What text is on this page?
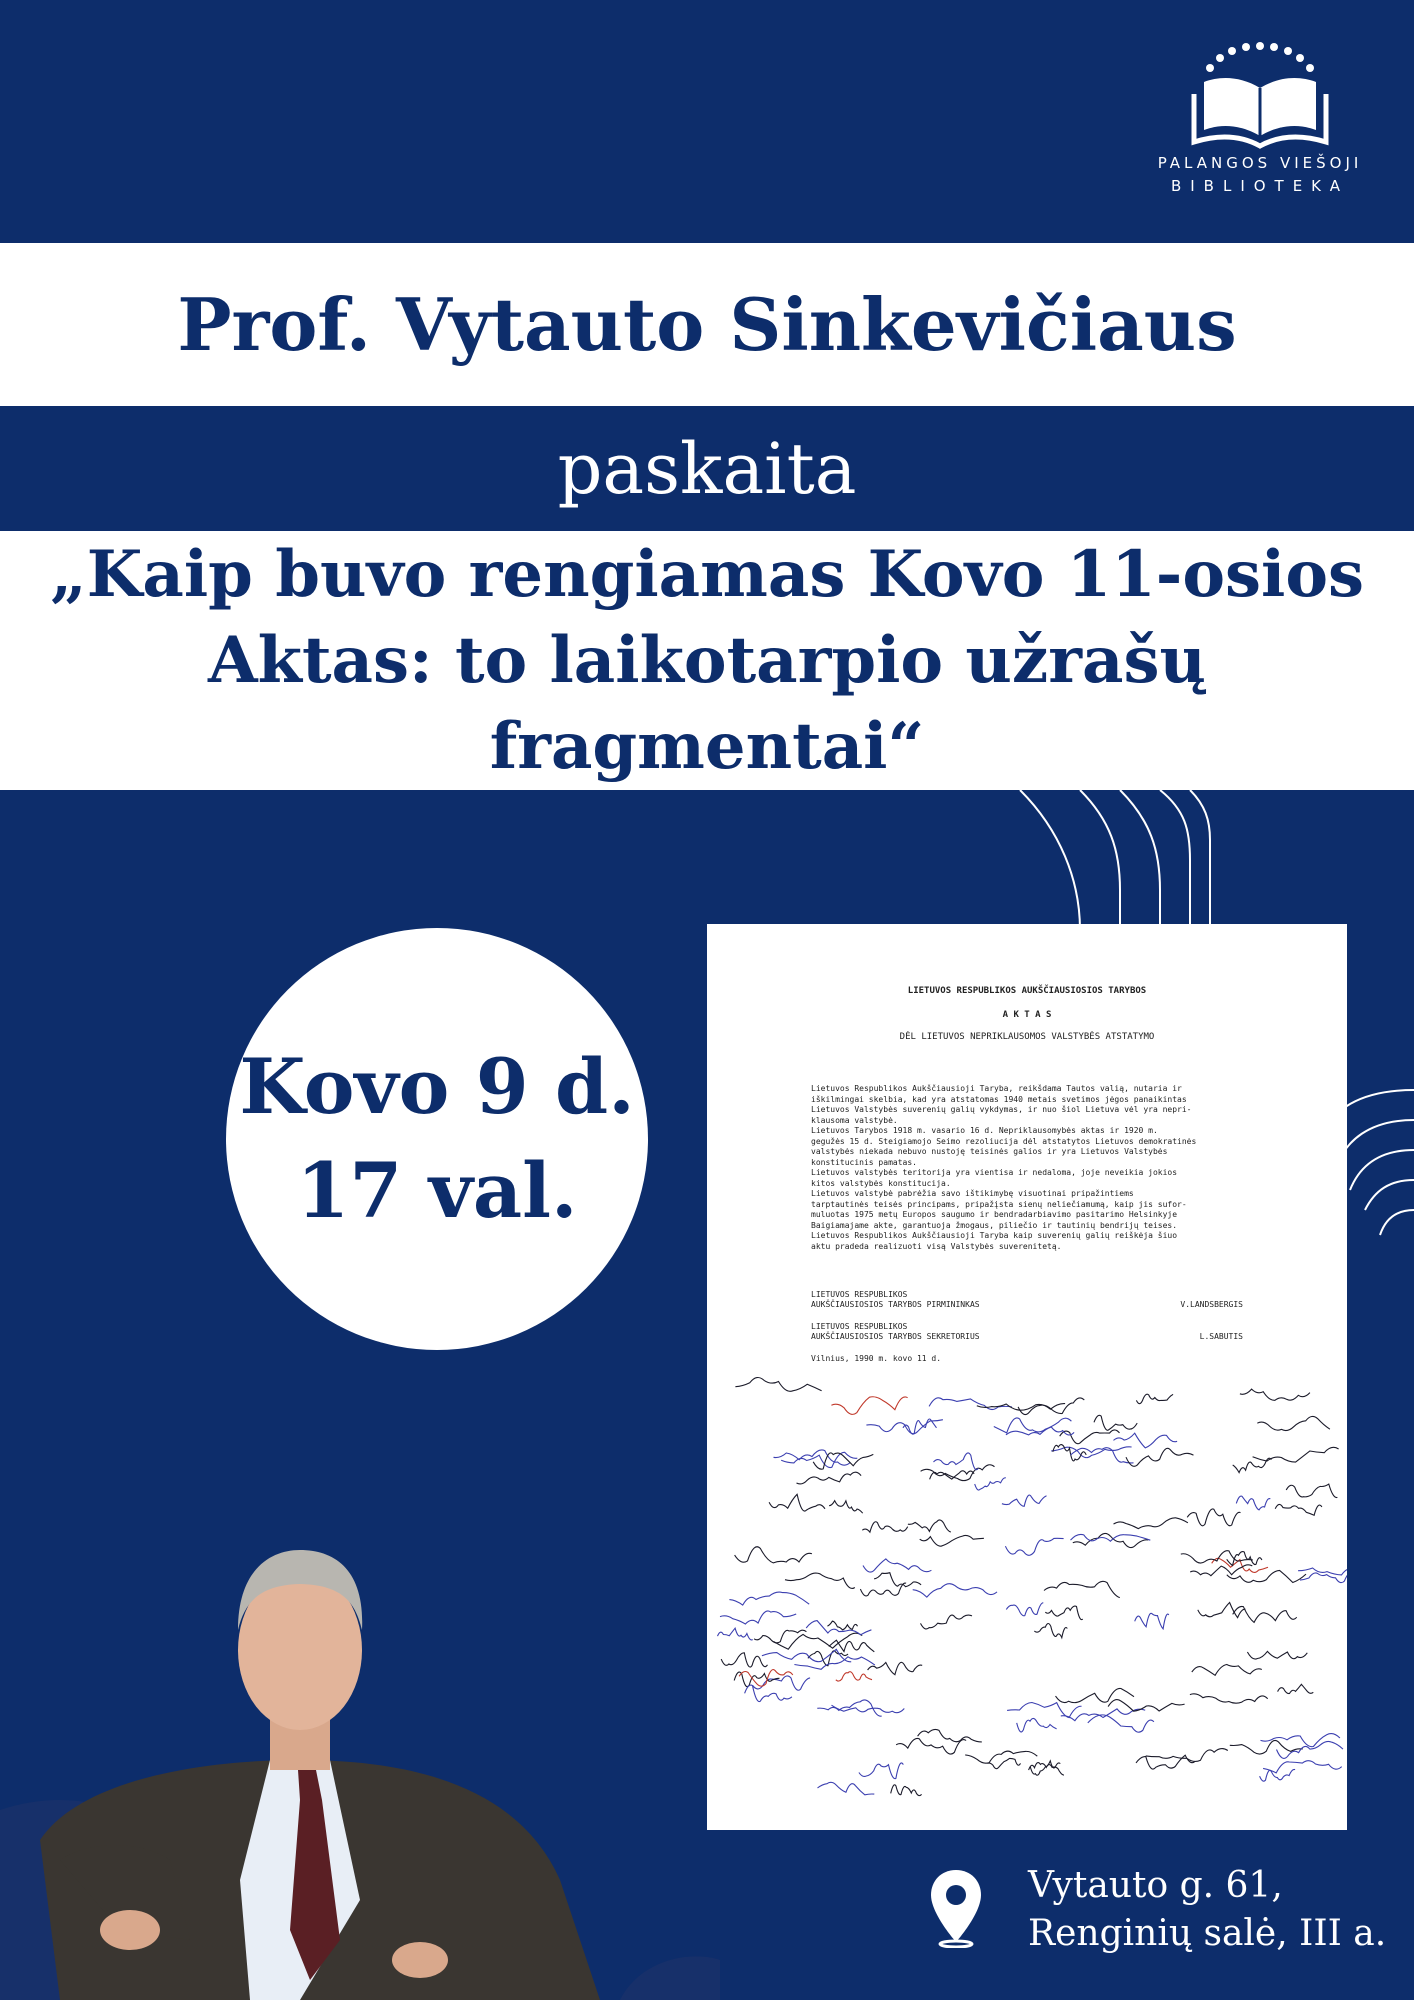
PALANGOS VIEŠOJI
BIBLIOTEKA
Prof. Vytauto Sinkevičiaus
paskaita
„Kaip buvo rengiamas Kovo 11-osios
Aktas: to laikotarpio užrašų fragmentai“
Kovo 9 d.
17 val.
LIETUVOS RESPUBLIKOS AUKŠČIAUSIOSIOS TARYBOS
A K T A S
DĖL LIETUVOS NEPRIKLAUSOMOS VALSTYBĖS ATSTATYMO
Lietuvos Respublikos Aukščiausioji Taryba, reikšdama Tautos valią, nutaria ir
iškilmingai skelbia, kad yra atstatomas 1940 metais svetimos jėgos panaikintas
Lietuvos Valstybės suverenių galių vykdymas, ir nuo šiol Lietuva vėl yra nepri-
klausoma valstybė.
Lietuvos Tarybos 1918 m. vasario 16 d. Nepriklausomybės aktas ir 1920 m.
gegužės 15 d. Steigiamojo Seimo rezoliucija dėl atstatytos Lietuvos demokratinės
valstybės niekada nebuvo nustoję teisinės galios ir yra Lietuvos Valstybės
konstitucinis pamatas.
Lietuvos valstybės teritorija yra vientisa ir nedaloma, joje neveikia jokios
kitos valstybės konstitucija.
Lietuvos valstybė pabrėžia savo ištikimybę visuotinai pripažintiems
tarptautinės teisės principams, pripažįsta sienų neliečiamumą, kaip jis sufor-
muluotas 1975 metų Europos saugumo ir bendradarbiavimo pasitarimo Helsinkyje
Baigiamajame akte, garantuoja žmogaus, piliečio ir tautinių bendrijų teises.
Lietuvos Respublikos Aukščiausioji Taryba kaip suverenių galių reiškėja šiuo
aktu pradeda realizuoti visą Valstybės suverenitetą.
LIETUVOS RESPUBLIKOS
AUKŠČIAUSIOSIOS TARYBOS PIRMININKAS	V.LANDSBERGIS
LIETUVOS RESPUBLIKOS
AUKŠČIAUSIOSIOS TARYBOS SEKRETORIUS	L.SABUTIS
Vilnius, 1990 m. kovo 11 d.
Vytauto g. 61,
Renginių salė, III a.
